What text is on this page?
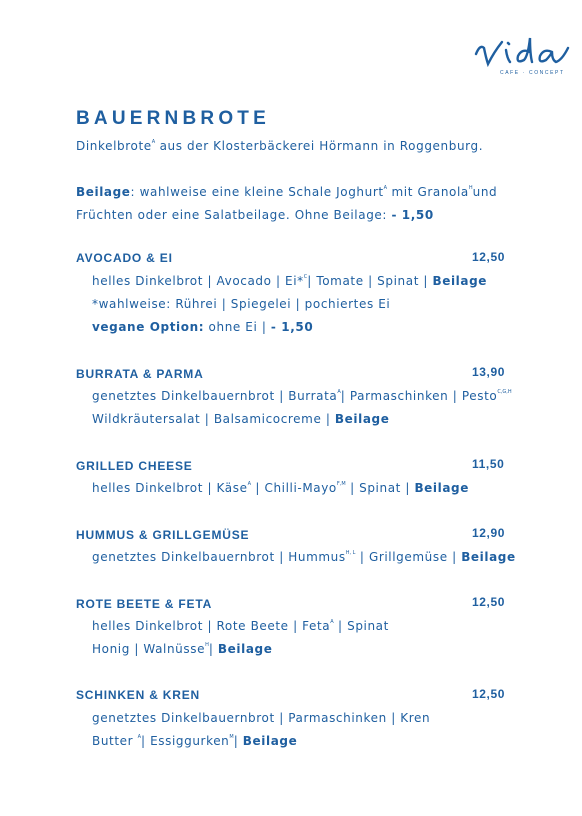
CAFE · CONCEPT
BAUERNBROTE
Dinkelbrote$^A$ aus der Klosterbäckerei Hörmann in Roggenburg.
Beilage: wahlweise eine kleine Schale Joghurt$^A$ mit Granola$^H$und
Früchten oder eine Salatbeilage. Ohne Beilage: - 1,50
AVOCADO & EI	12,50
helles Dinkelbrot | Avocado | Ei*$^C$| Tomate | Spinat | Beilage
*wahlweise: Rührei | Spiegelei | pochiertes Ei
vegane Option: ohne Ei | - 1,50
BURRATA & PARMA	13,90
genetztes Dinkelbauernbrot | Burrata$^A$| Parmaschinken | Pesto$^{C,G,H}$
Wildkräutersalat | Balsamicocreme | Beilage
GRILLED CHEESE	11,50
helles Dinkelbrot | Käse$^A$ | Chilli-Mayo$^{F,M}$ | Spinat | Beilage
HUMMUS & GRILLGEMÜSE	12,90
genetztes Dinkelbauernbrot | Hummus$^{H, L}$ | Grillgemüse | Beilage
ROTE BEETE & FETA	12,50
helles Dinkelbrot | Rote Beete | Feta$^A$ | Spinat
Honig | Walnüsse$^H$| Beilage
SCHINKEN & KREN	12,50
genetztes Dinkelbauernbrot | Parmaschinken | Kren
Butter $^A$| Essiggurken$^M$| Beilage
